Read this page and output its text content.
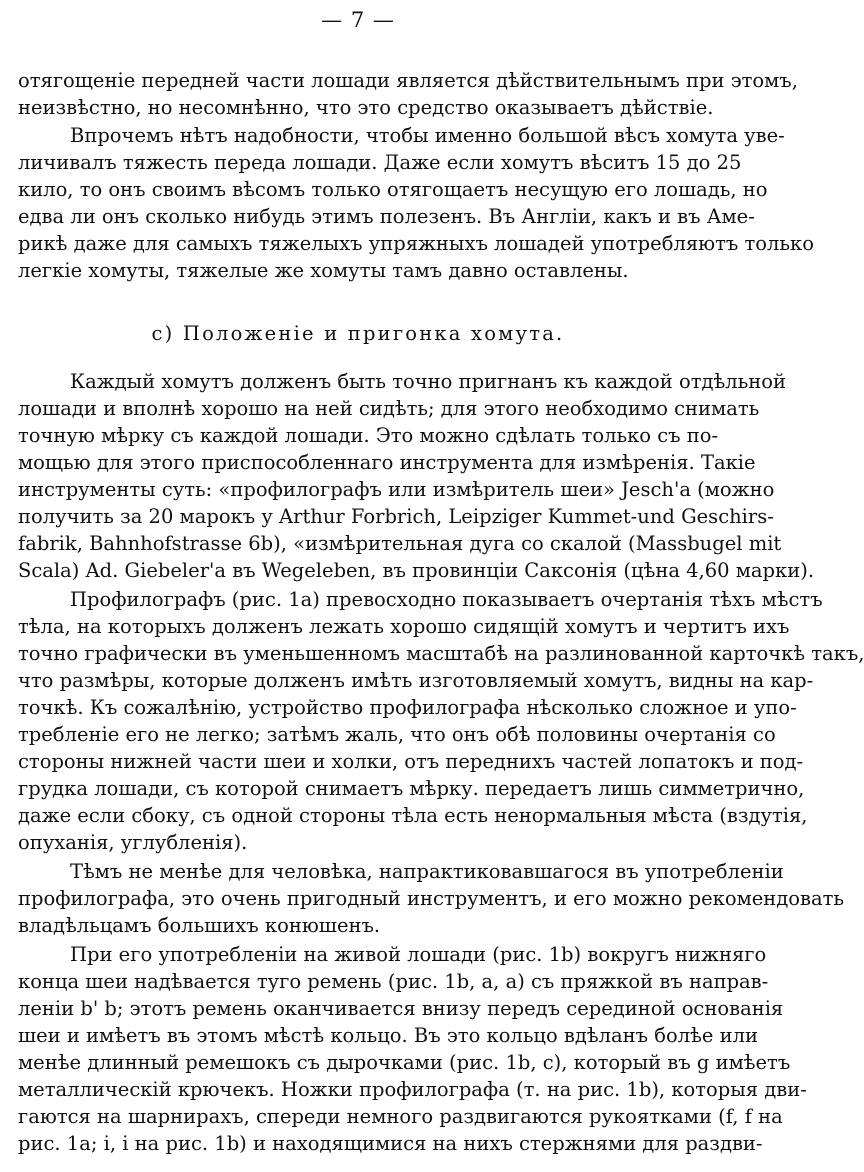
— 7 —
отягощеніе передней части лошади является дѣйствительнымъ при этомъ,
неизвѣстно, но несомнѣнно, что это средство оказываетъ дѣйствіе.
Впрочемъ нѣтъ надобности, чтобы именно большой вѣсъ хомута уве-
личивалъ тяжесть переда лошади. Даже если хомутъ вѣситъ 15 до 25
кило, то онъ своимъ вѣсомъ только отягощаетъ несущую его лошадь, но
едва ли онъ сколько нибудь этимъ полезенъ. Въ Англіи, какъ и въ Аме-
рикѣ даже для самыхъ тяжелыхъ упряжныхъ лошадей употребляютъ только
легкіе хомуты, тяжелые же хомуты тамъ давно оставлены.
с) Положеніе и пригонка хомута.
Каждый хомутъ долженъ быть точно пригнанъ къ каждой отдѣльной
лошади и вполнѣ хорошо на ней сидѣть; для этого необходимо снимать
точную мѣрку съ каждой лошади. Это можно сдѣлать только съ по-
мощью для этого приспособленнаго инструмента для измѣренія. Такіе
инструменты суть: «профилографъ или измѣритель шеи» Jesch'а (можно
получить за 20 марокъ у Arthur Forbrich, Leipziger Kummet-und Geschirs-
fabrik, Bahnhofstrasse 6b), «измѣрительная дуга со скалой (Massbugel mit
Scala) Ad. Giebeler'а въ Wegeleben, въ провинціи Саксонія (цѣна 4,60 марки).
Профилографъ (рис. 1a) превосходно показываетъ очертанія тѣхъ мѣстъ
тѣла, на которыхъ долженъ лежать хорошо сидящій хомутъ и чертитъ ихъ
точно графически въ уменьшенномъ масштабѣ на разлинованной карточкѣ такъ,
что размѣры, которые долженъ имѣть изготовляемый хомутъ, видны на кар-
точкѣ. Къ сожалѣнію, устройство профилографа нѣсколько сложное и упо-
требленіе его не легко; затѣмъ жаль, что онъ обѣ половины очертанія со
стороны нижней части шеи и холки, отъ переднихъ частей лопатокъ и под-
грудка лошади, съ которой снимаетъ мѣрку. передаетъ лишь симметрично,
даже если сбоку, съ одной стороны тѣла есть ненормальныя мѣста (вздутія,
опуханія, углубленія).
Тѣмъ не менѣе для человѣка, напрактиковавшагося въ употребленіи
профилографа, это очень пригодный инструментъ, и его можно рекомендовать
владѣльцамъ большихъ конюшенъ.
При его употребленіи на живой лошади (рис. 1b) вокругъ нижняго
конца шеи надѣвается туго ремень (рис. 1b, а, а) съ пряжкой въ направ-
леніи b' b; этотъ ремень оканчивается внизу передъ серединой основанія
шеи и имѣетъ въ этомъ мѣстѣ кольцо. Въ это кольцо вдѣланъ болѣе или
менѣе длинный ремешокъ съ дырочками (рис. 1b, c), который въ g имѣетъ
металлическій крючекъ. Ножки профилографа (т. на рис. 1b), которыя дви-
гаются на шарнирахъ, спереди немного раздвигаются рукоятками (f, f на
рис. 1a; i, i на рис. 1b) и находящимися на нихъ стержнями для раздви-
